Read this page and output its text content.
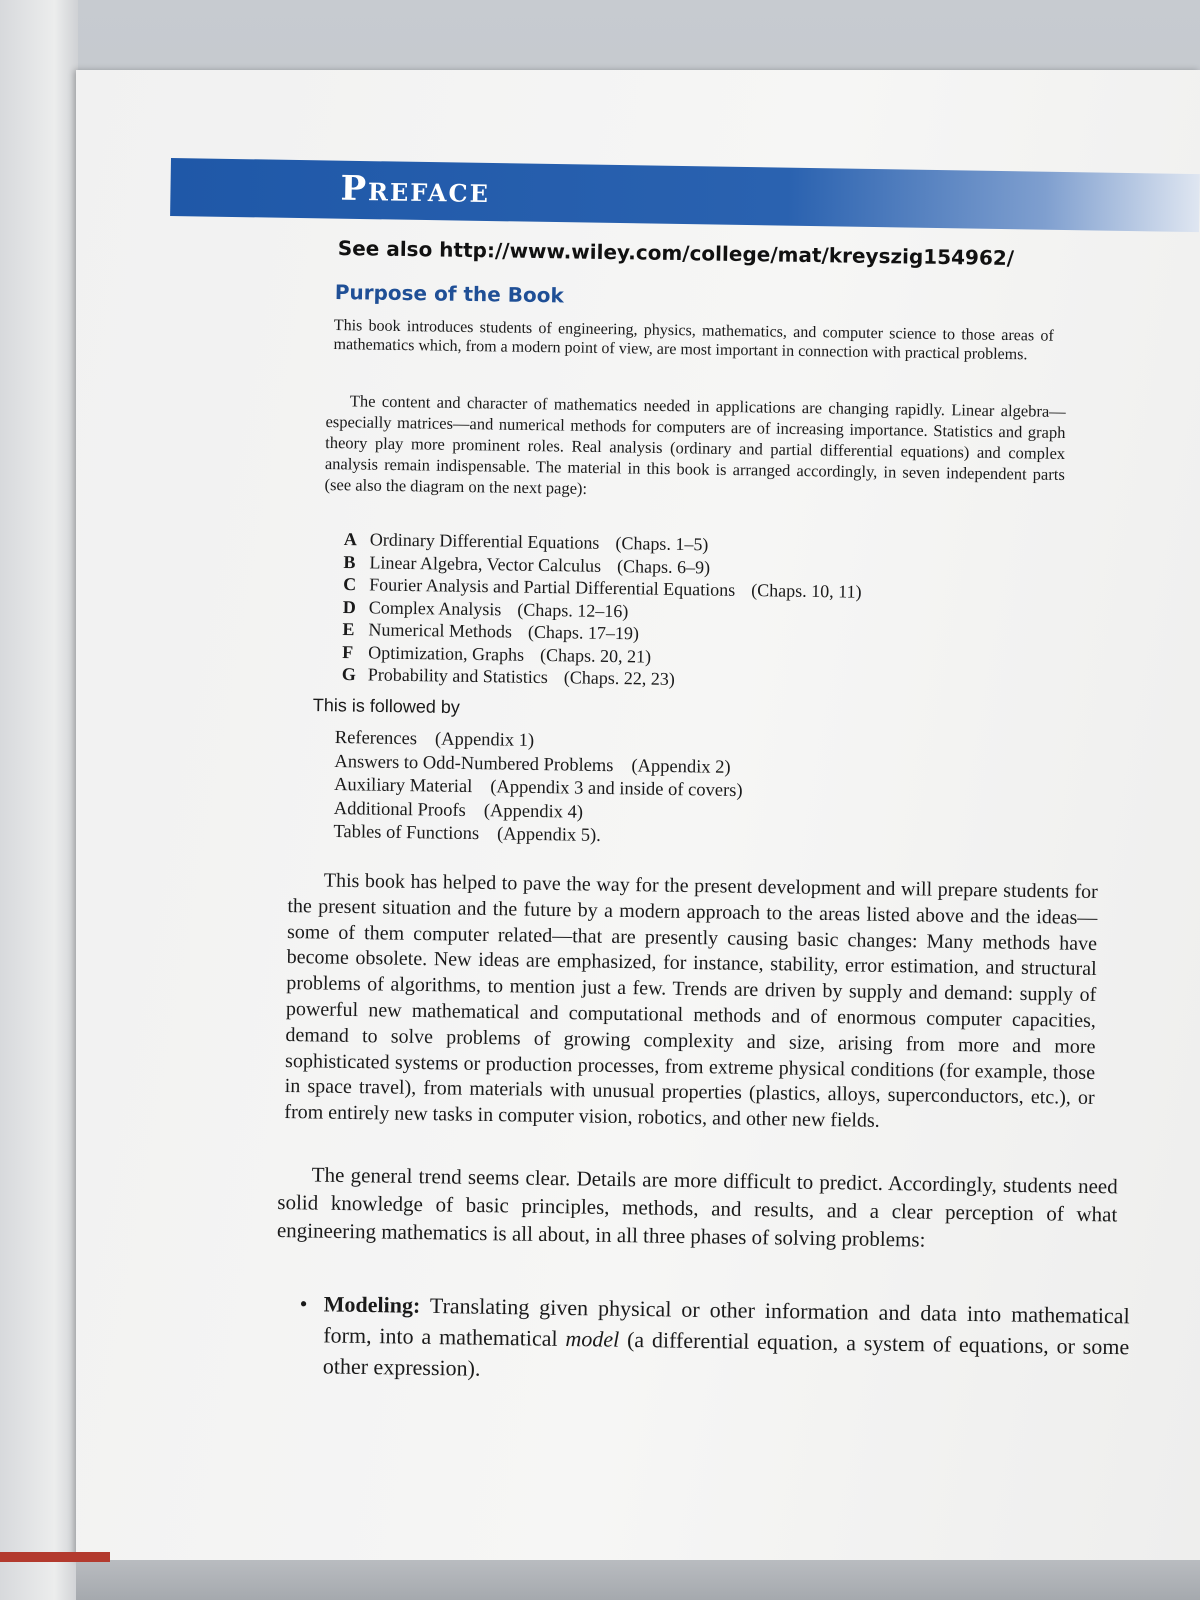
Preface
See also http://www.wiley.com/college/mat/kreyszig154962/
Purpose of the Book
This book introduces students of engineering, physics, mathematics, and computer science to those areas of mathematics which, from a modern point of view, are most important in connection with practical problems.
The content and character of mathematics needed in applications are changing rapidly. Linear algebra—especially matrices—and numerical methods for computers are of increasing importance. Statistics and graph theory play more prominent roles. Real analysis (ordinary and partial differential equations) and complex analysis remain indispensable. The material in this book is arranged accordingly, in seven independent parts (see also the diagram on the next page):
A Ordinary Differential Equations (Chaps. 1–5)
B Linear Algebra, Vector Calculus (Chaps. 6–9)
C Fourier Analysis and Partial Differential Equations (Chaps. 10, 11)
D Complex Analysis (Chaps. 12–16)
E Numerical Methods (Chaps. 17–19)
F Optimization, Graphs (Chaps. 20, 21)
G Probability and Statistics (Chaps. 22, 23)
This is followed by
References (Appendix 1)
Answers to Odd-Numbered Problems (Appendix 2)
Auxiliary Material (Appendix 3 and inside of covers)
Additional Proofs (Appendix 4)
Tables of Functions (Appendix 5).
This book has helped to pave the way for the present development and will prepare students for the present situation and the future by a modern approach to the areas listed above and the ideas—some of them computer related—that are presently causing basic changes: Many methods have become obsolete. New ideas are emphasized, for instance, stability, error estimation, and structural problems of algorithms, to mention just a few. Trends are driven by supply and demand: supply of powerful new mathematical and computational methods and of enormous computer capacities, demand to solve problems of growing complexity and size, arising from more and more sophisticated systems or production processes, from extreme physical conditions (for example, those in space travel), from materials with unusual properties (plastics, alloys, superconductors, etc.), or from entirely new tasks in computer vision, robotics, and other new fields.
The general trend seems clear. Details are more difficult to predict. Accordingly, students need solid knowledge of basic principles, methods, and results, and a clear perception of what engineering mathematics is all about, in all three phases of solving problems:
• Modeling: Translating given physical or other information and data into mathematical form, into a mathematical model (a differential equation, a system of equations, or some other expression).
